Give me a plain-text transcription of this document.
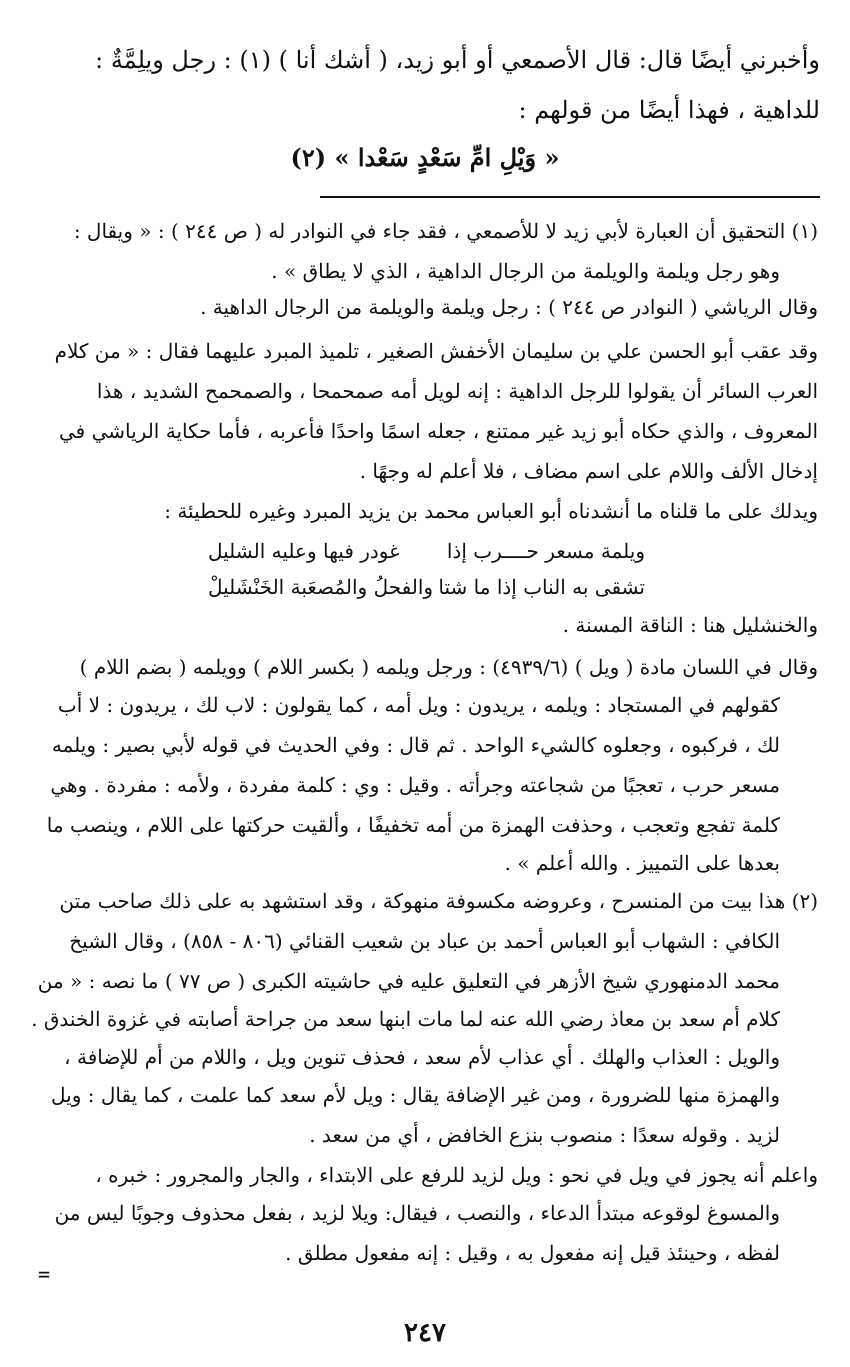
وأخبرني أيضًا قال: قال الأصمعي أو أبو زيد، ( أشك أنا ) (١) : رجل ويلِمَّةٌ :
للداهية ، فهذا أيضًا من قولهم :
« وَيْلِ امِّ سَعْدٍ سَعْدا » (٢)
(١) التحقيق أن العبارة لأبي زيد لا للأصمعي ، فقد جاء في النوادر له ( ص ٢٤٤ ) : « ويقال :
وهو رجل ويلمة والويلمة من الرجال الداهية ، الذي لا يطاق » .
وقال الرياشي ( النوادر ص ٢٤٤ ) : رجل ويلمة والويلمة من الرجال الداهية .
وقد عقب أبو الحسن علي بن سليمان الأخفش الصغير ، تلميذ المبرد عليهما فقال : « من كلام
العرب السائر أن يقولوا للرجل الداهية : إنه لويل أمه صمحمحا ، والصمحمح الشديد ، هذا
المعروف ، والذي حكاه أبو زيد غير ممتنع ، جعله اسمًا واحدًا فأعربه ، فأما حكاية الرياشي في
إدخال الألف واللام على اسم مضاف ، فلا أعلم له وجهًا .
ويدلك على ما قلناه ما أنشدناه أبو العباس محمد بن يزيد المبرد وغيره للحطيئة :
ويلمة مسعر حــــرب إذا
غودر فيها وعليه الشليل
تشقى به الناب إذا ما شتا
والفحلُ والمُصعَبة الخَنْشَليلْ
والخنشليل هنا : الناقة المسنة .
وقال في اللسان مادة ( ويل ) (٤٩٣٩/٦) : ورجل ويلمه ( بكسر اللام ) وويلمه ( بضم اللام )
كقولهم في المستجاد : ويلمه ، يريدون : ويل أمه ، كما يقولون : لاب لك ، يريدون : لا أب
لك ، فركبوه ، وجعلوه كالشيء الواحد . ثم قال : وفي الحديث في قوله لأبي بصير : ويلمه
مسعر حرب ، تعجبًا من شجاعته وجرأته . وقيل : وي : كلمة مفردة ، ولأمه : مفردة . وهي
كلمة تفجع وتعجب ، وحذفت الهمزة من أمه تخفيفًا ، وألقيت حركتها على اللام ، وينصب ما
بعدها على التمييز . والله أعلم » .
(٢) هذا بيت من المنسرح ، وعروضه مكسوفة منهوكة ، وقد استشهد به على ذلك صاحب متن
الكافي : الشهاب أبو العباس أحمد بن عباد بن شعيب القنائي (٨٠٦ - ٨٥٨) ، وقال الشيخ
محمد الدمنهوري شيخ الأزهر في التعليق عليه في حاشيته الكبرى ( ص ٧٧ ) ما نصه : « من
كلام أم سعد بن معاذ رضي الله عنه لما مات ابنها سعد من جراحة أصابته في غزوة الخندق .
والويل : العذاب والهلك . أي عذاب لأم سعد ، فحذف تنوين ويل ، واللام من أم للإضافة ،
والهمزة منها للضرورة ، ومن غير الإضافة يقال : ويل لأم سعد كما علمت ، كما يقال : ويل
لزيد . وقوله سعدًا : منصوب بنزع الخافض ، أي من سعد .
واعلم أنه يجوز في ويل في نحو : ويل لزيد للرفع على الابتداء ، والجار والمجرور : خبره ،
والمسوغ لوقوعه مبتدأ الدعاء ، والنصب ، فيقال: ويلا لزيد ، بفعل محذوف وجوبًا ليس من
لفظه ، وحينئذ قيل إنه مفعول به ، وقيل : إنه مفعول مطلق .
=
٢٤٧
